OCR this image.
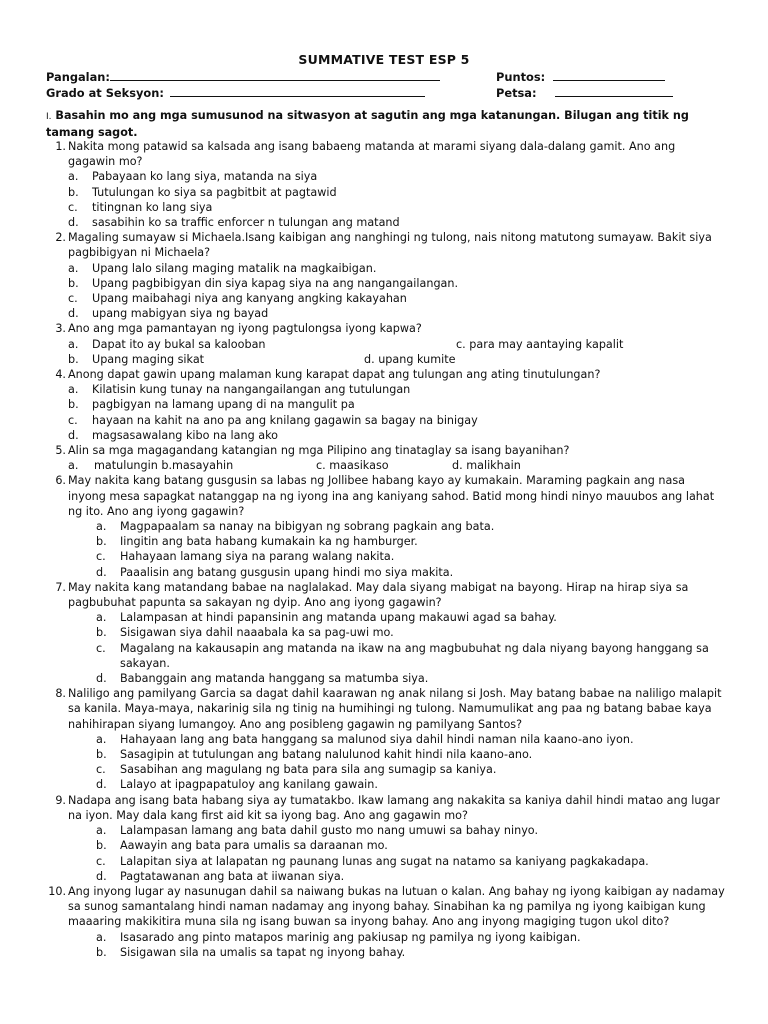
SUMMATIVE TEST ESP 5
Pangalan:	Puntos:
Grado at Seksyon:	Petsa:
I. Basahin mo ang mga sumusunod na sitwasyon at sagutin ang mga katanungan. Bilugan ang titik ng tamang sagot.
1. Nakita mong patawid sa kalsada ang isang babaeng matanda at marami siyang dala-dalang gamit. Ano ang gagawin mo?
a. Pabayaan ko lang siya, matanda na siya
b. Tutulungan ko siya sa pagbitbit at pagtawid
c. titingnan ko lang siya
d. sasabihin ko sa traffic enforcer n tulungan ang matand
2. Magaling sumayaw si Michaela.Isang kaibigan ang nanghingi ng tulong, nais nitong matutong sumayaw. Bakit siya pagbibigyan ni Michaela?
a. Upang lalo silang maging matalik na magkaibigan.
b. Upang pagbibigyan din siya kapag siya na ang nangangailangan.
c. Upang maibahagi niya ang kanyang angking kakayahan
d. upang mabigyan siya ng bayad
3. Ano ang mga pamantayan ng iyong pagtulongsa iyong kapwa?
a. Dapat ito ay bukal sa kalooban	c. para may aantaying kapalit
b. Upang maging sikat	d. upang kumite
4. Anong dapat gawin upang malaman kung karapat dapat ang tulungan ang ating tinutulungan?
a. Kilatisin kung tunay na nangangailangan ang tutulungan
b. pagbigyan na lamang upang di na mangulit pa
c. hayaan na kahit na ano pa ang knilang gagawin sa bagay na binigay
d. magsasawalang kibo na lang ako
5. Alin sa mga magagandang katangian ng mga Pilipino ang tinataglay sa isang bayanihan?
a. matulungin b.masayahin	c. maasikaso	d. malikhain
6. May nakita kang batang gusgusin sa labas ng Jollibee habang kayo ay kumakain. Maraming pagkain ang nasa inyong mesa sapagkat natanggap na ng iyong ina ang kaniyang sahod. Batid mong hindi ninyo mauubos ang lahat ng ito. Ano ang iyong gagawin?
a. Magpapaalam sa nanay na bibigyan ng sobrang pagkain ang bata.
b. Iingitin ang bata habang kumakain ka ng hamburger.
c. Hahayaan lamang siya na parang walang nakita.
d. Paaalisin ang batang gusgusin upang hindi mo siya makita.
7. May nakita kang matandang babae na naglalakad. May dala siyang mabigat na bayong. Hirap na hirap siya sa pagbubuhat papunta sa sakayan ng dyip. Ano ang iyong gagawin?
a. Lalampasan at hindi papansinin ang matanda upang makauwi agad sa bahay.
b. Sisigawan siya dahil naaabala ka sa pag-uwi mo.
c. Magalang na kakausapin ang matanda na ikaw na ang magbubuhat ng dala niyang bayong hanggang sa sakayan.
d. Babanggain ang matanda hanggang sa matumba siya.
8. Naliligo ang pamilyang Garcia sa dagat dahil kaarawan ng anak nilang si Josh. May batang babae na naliligo malapit sa kanila. Maya-maya, nakarinig sila ng tinig na humihingi ng tulong. Namumulikat ang paa ng batang babae kaya nahihirapan siyang lumangoy. Ano ang posibleng gagawin ng pamilyang Santos?
a. Hahayaan lang ang bata hanggang sa malunod siya dahil hindi naman nila kaano-ano iyon.
b. Sasagipin at tutulungan ang batang nalulunod kahit hindi nila kaano-ano.
c. Sasabihan ang magulang ng bata para sila ang sumagip sa kaniya.
d. Lalayo at ipagpapatuloy ang kanilang gawain.
9. Nadapa ang isang bata habang siya ay tumatakbo. Ikaw lamang ang nakakita sa kaniya dahil hindi matao ang lugar na iyon. May dala kang first aid kit sa iyong bag. Ano ang gagawin mo?
a. Lalampasan lamang ang bata dahil gusto mo nang umuwi sa bahay ninyo.
b. Aawayin ang bata para umalis sa daraanan mo.
c. Lalapitan siya at lalapatan ng paunang lunas ang sugat na natamo sa kaniyang pagkakadapa.
d. Pagtatawanan ang bata at iiwanan siya.
10. Ang inyong lugar ay nasunugan dahil sa naiwang bukas na lutuan o kalan. Ang bahay ng iyong kaibigan ay nadamay sa sunog samantalang hindi naman nadamay ang inyong bahay. Sinabihan ka ng pamilya ng iyong kaibigan kung maaaring makikitira muna sila ng isang buwan sa inyong bahay. Ano ang inyong magiging tugon ukol dito?
a. Isasarado ang pinto matapos marinig ang pakiusap ng pamilya ng iyong kaibigan.
b. Sisigawan sila na umalis sa tapat ng inyong bahay.
